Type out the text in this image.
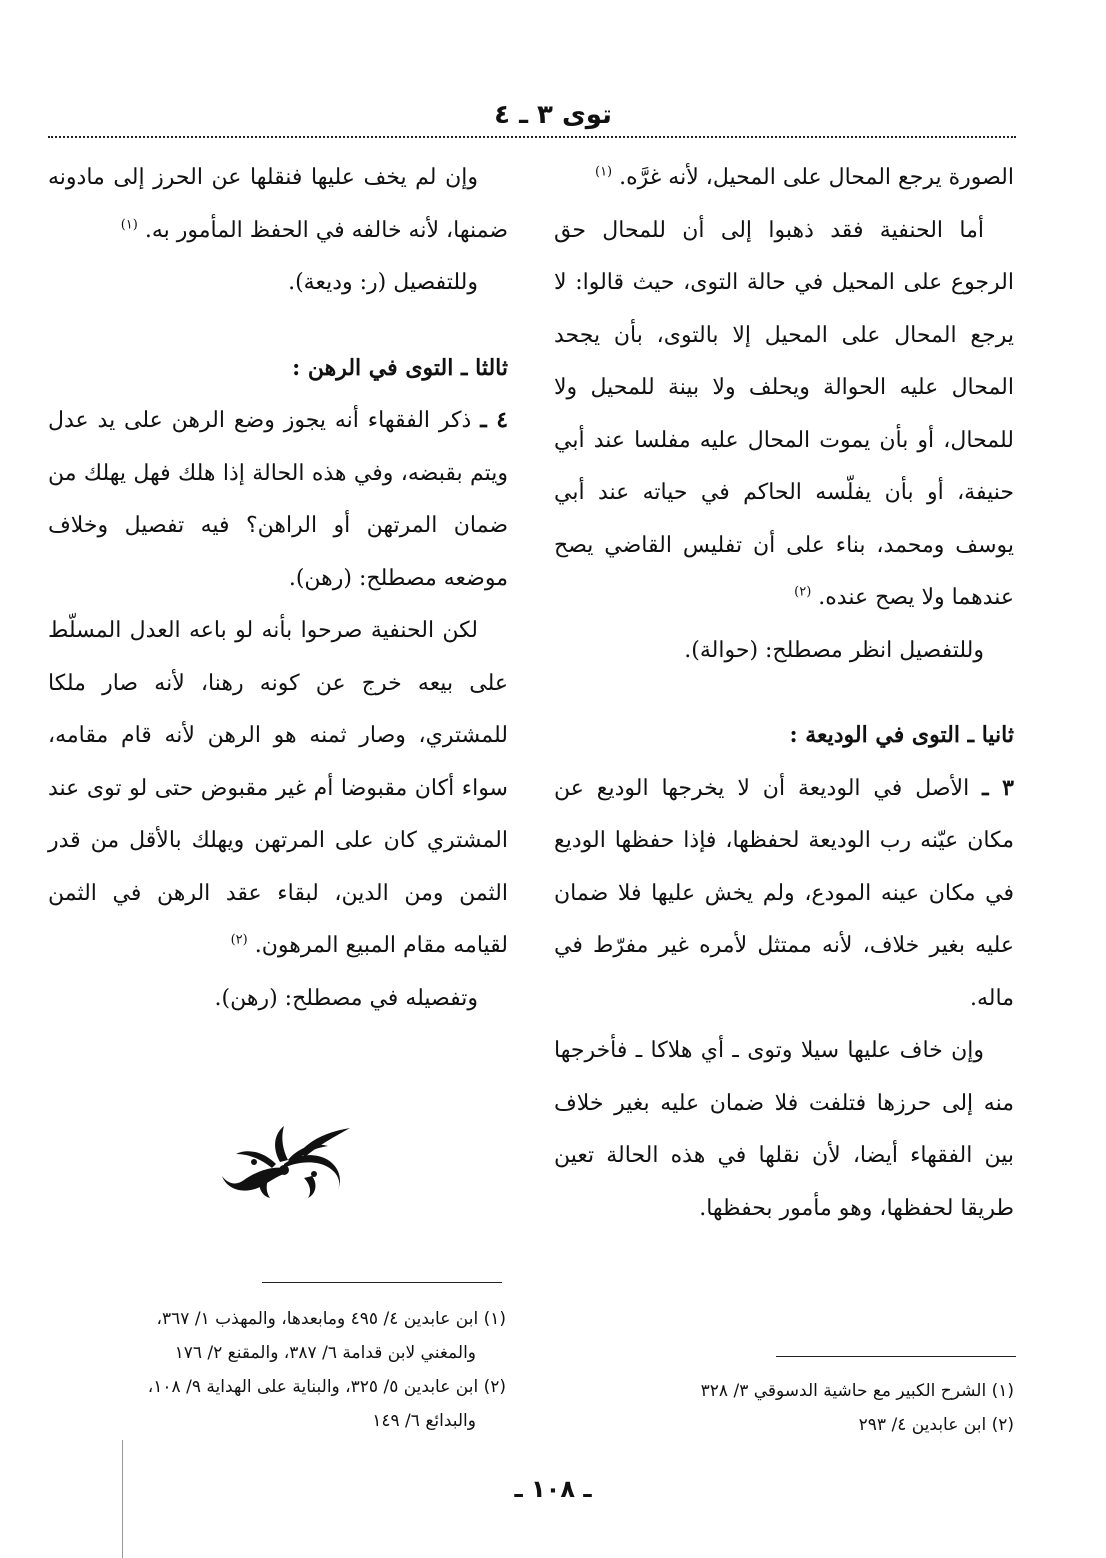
توى ٣ ـ ٤

الصورة يرجع المحال على المحيل، لأنه غرَّه. $^{(١)}$

أما الحنفية فقد ذهبوا إلى أن للمحال حق الرجوع على المحيل في حالة التوى، حيث قالوا: لا يرجع المحال على المحيل إلا بالتوى، بأن يجحد المحال عليه الحوالة ويحلف ولا بينة للمحيل ولا للمحال، أو بأن يموت المحال عليه مفلسا عند أبي حنيفة، أو بأن يفلّسه الحاكم في حياته عند أبي يوسف ومحمد، بناء على أن تفليس القاضي يصح عندهما ولا يصح عنده. $^{(٢)}$

وللتفصيل انظر مصطلح: (حوالة).

ثانيا ـ التوى في الوديعة :

٣ ـ الأصل في الوديعة أن لا يخرجها الوديع عن مكان عيّنه رب الوديعة لحفظها، فإذا حفظها الوديع في مكان عينه المودع، ولم يخش عليها فلا ضمان عليه بغير خلاف، لأنه ممتثل لأمره غير مفرّط في ماله.

وإن خاف عليها سيلا وتوى ـ أي هلاكا ـ فأخرجها منه إلى حرزها فتلفت فلا ضمان عليه بغير خلاف بين الفقهاء أيضا، لأن نقلها في هذه الحالة تعين طريقا لحفظها، وهو مأمور بحفظها.

وإن لم يخف عليها فنقلها عن الحرز إلى مادونه ضمنها، لأنه خالفه في الحفظ المأمور به. $^{(١)}$

وللتفصيل (ر: وديعة).

ثالثا ـ التوى في الرهن :

٤ ـ ذكر الفقهاء أنه يجوز وضع الرهن على يد عدل ويتم بقبضه، وفي هذه الحالة إذا هلك فهل يهلك من ضمان المرتهن أو الراهن؟ فيه تفصيل وخلاف موضعه مصطلح: (رهن).

لكن الحنفية صرحوا بأنه لو باعه العدل المسلّط على بيعه خرج عن كونه رهنا، لأنه صار ملكا للمشتري، وصار ثمنه هو الرهن لأنه قام مقامه، سواء أكان مقبوضا أم غير مقبوض حتى لو توى عند المشتري كان على المرتهن ويهلك بالأقل من قدر الثمن ومن الدين، لبقاء عقد الرهن في الثمن لقيامه مقام المبيع المرهون. $^{(٢)}$

وتفصيله في مصطلح: (رهن).

(١) ابن عابدين ٤/ ٤٩٥ ومابعدها، والمهذب ١/ ٣٦٧،

والمغني لابن قدامة ٦/ ٣٨٧، والمقنع ٢/ ١٧٦

(٢) ابن عابدين ٥/ ٣٢٥، والبناية على الهداية ٩/ ١٠٨،

والبدائع ٦/ ١٤٩

(١) الشرح الكبير مع حاشية الدسوقي ٣/ ٣٢٨

(٢) ابن عابدين ٤/ ٢٩٣

ـ ١٠٨ ـ
